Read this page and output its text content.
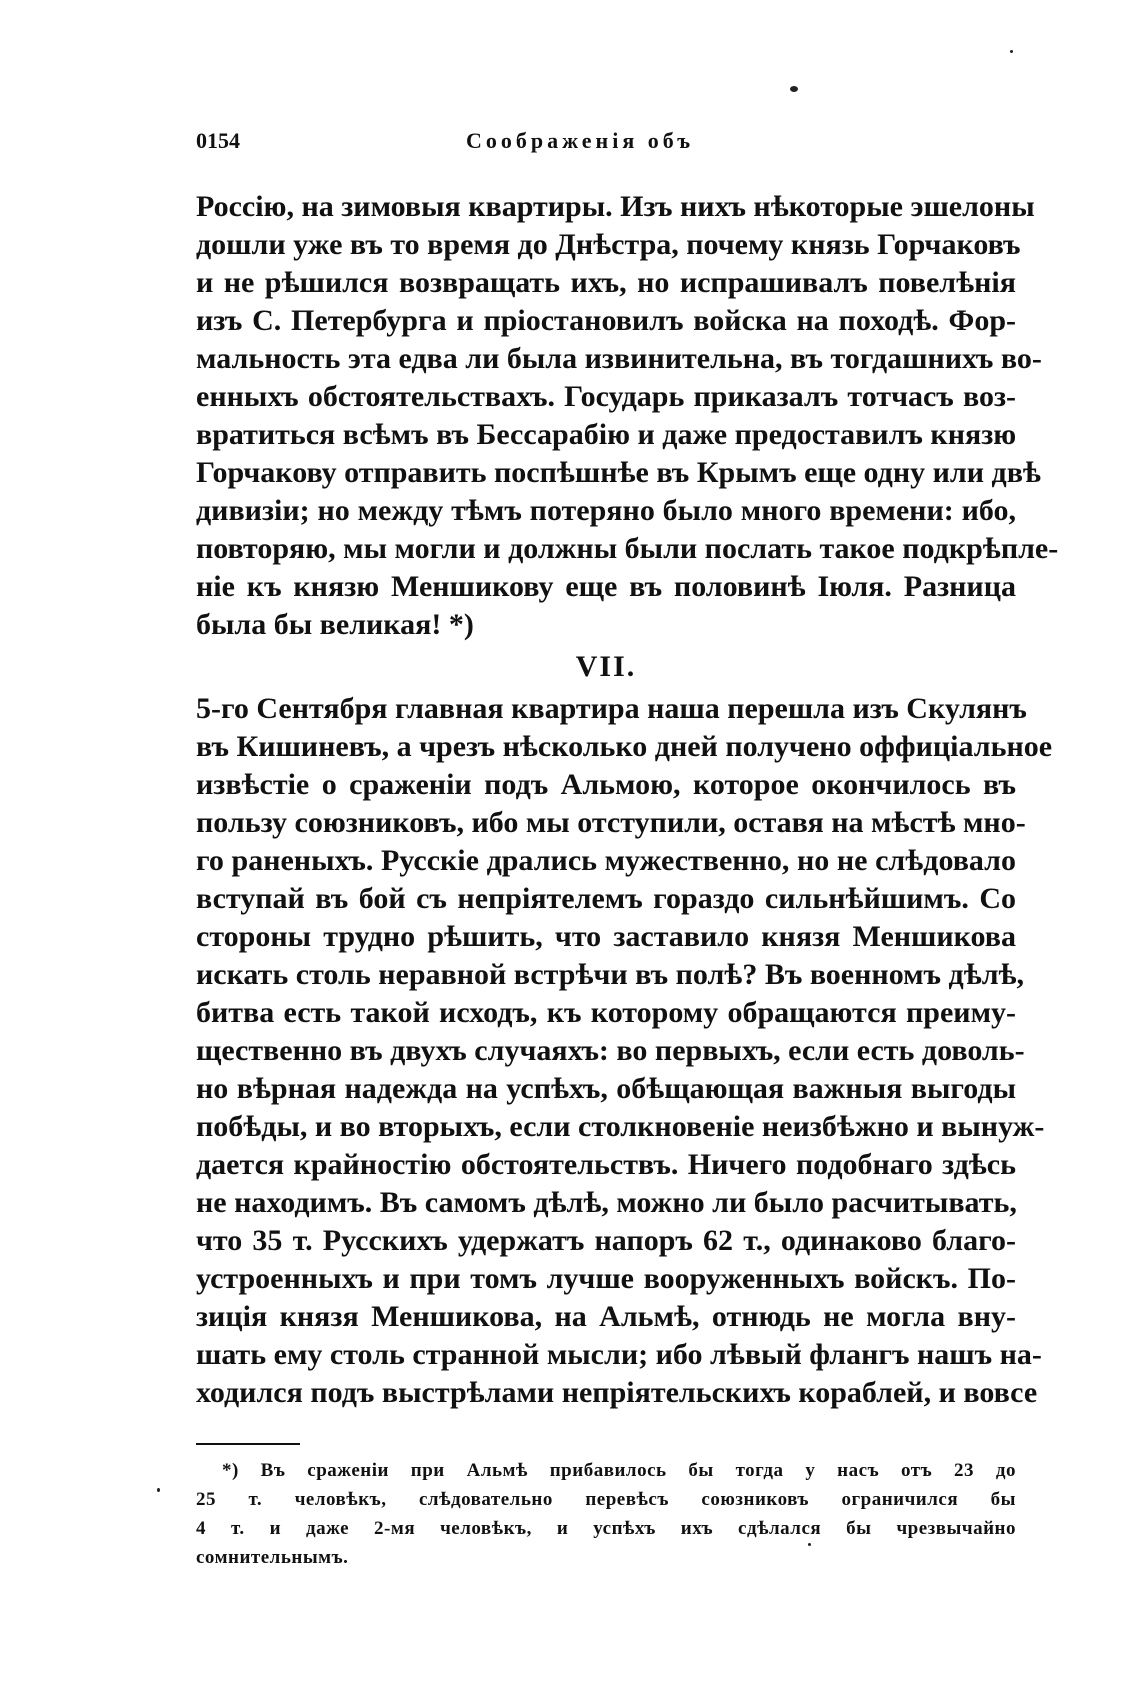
0154	Соображенія объ
Россію, на зимовыя квартиры. Изъ нихъ нѣкоторые эшелоны
дошли уже въ то время до Днѣстра, почему князь Горчаковъ
и не рѣшился возвращать ихъ, но испрашивалъ повелѣнія
изъ С. Петербурга и пріостановилъ войска на походѣ. Фор-
мальность эта едва ли была извинительна, въ тогдашнихъ во-
енныхъ обстоятельствахъ. Государь приказалъ тотчасъ воз-
вратиться всѣмъ въ Бессарабію и даже предоставилъ князю
Горчакову отправить поспѣшнѣе въ Крымъ еще одну или двѣ
дивизіи; но между тѣмъ потеряно было много времени: ибо,
повторяю, мы могли и должны были послать такое подкрѣпле-
ніе къ князю Меншикову еще въ половинѣ Іюля. Разница
была бы великая! *)
VII.
5-го Сентября главная квартира наша перешла изъ Скулянъ
въ Кишиневъ, а чрезъ нѣсколько дней получено оффиціальное
извѣстіе о сраженіи подъ Альмою, которое окончилось въ
пользу союзниковъ, ибо мы отступили, оставя на мѣстѣ мно-
го раненыхъ. Русскіе дрались мужественно, но не слѣдовало
вступай въ бой съ непріятелемъ гораздо сильнѣйшимъ. Со
стороны трудно рѣшить, что заставило князя Меншикова
искать столь неравной встрѣчи въ полѣ? Въ военномъ дѣлѣ,
битва есть такой исходъ, къ которому обращаются преиму-
щественно въ двухъ случаяхъ: во первыхъ, если есть доволь-
но вѣрная надежда на успѣхъ, обѣщающая важныя выгоды
побѣды, и во вторыхъ, если столкновеніе неизбѣжно и вынуж-
дается крайностію обстоятельствъ. Ничего подобнаго здѣсь
не находимъ. Въ самомъ дѣлѣ, можно ли было расчитывать,
что 35 т. Русскихъ удержатъ напоръ 62 т., одинаково благо-
устроенныхъ и при томъ лучше вооруженныхъ войскъ. По-
зиція князя Меншикова, на Альмѣ, отнюдь не могла вну-
шать ему столь странной мысли; ибо лѣвый флангъ нашъ на-
ходился подъ выстрѣлами непріятельскихъ кораблей, и вовсе
*) Въ сраженіи при Альмѣ прибавилось бы тогда у насъ отъ 23 до
25 т. человѣкъ, слѣдовательно перевѣсъ союзниковъ ограничился бы
4 т. и даже 2-мя человѣкъ, и успѣхъ ихъ сдѣлался бы чрезвычайно
сомнительнымъ.
